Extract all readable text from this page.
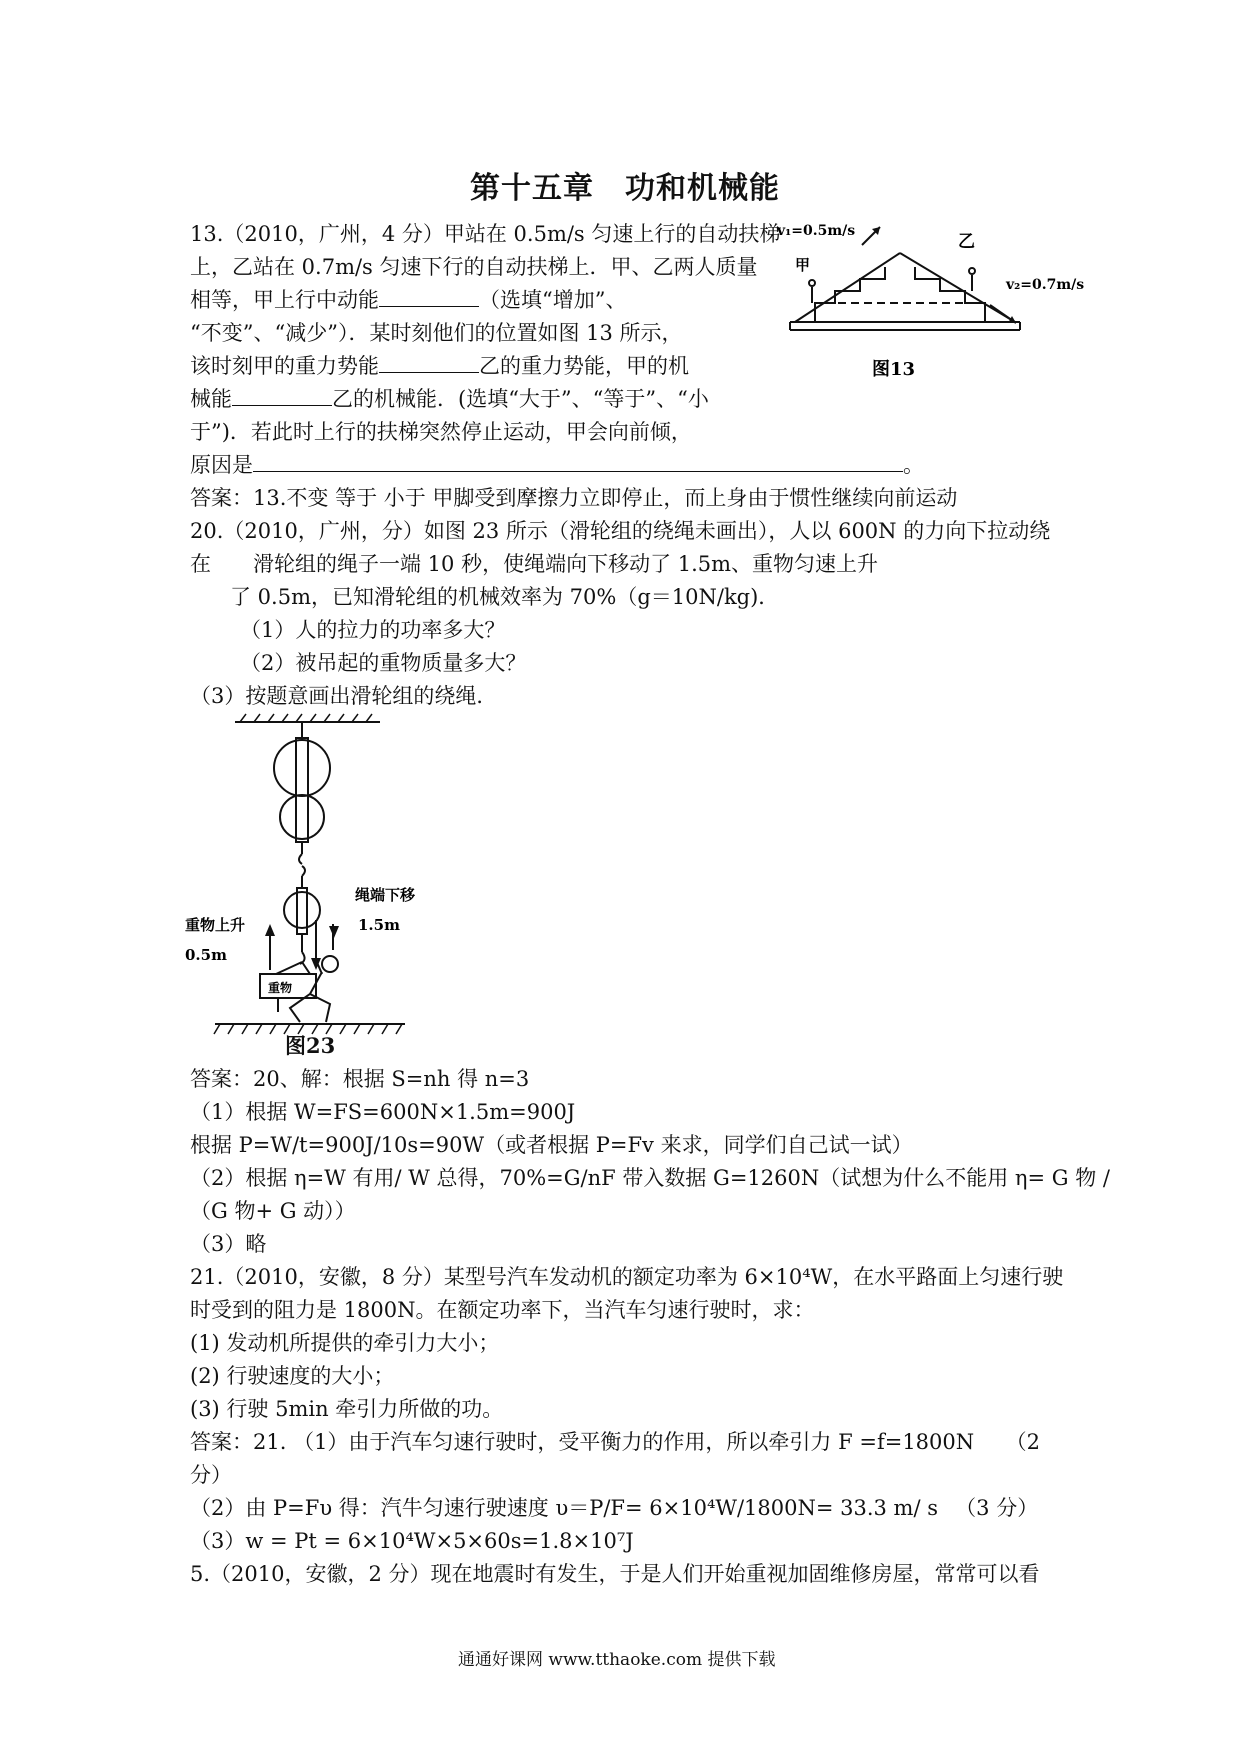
第十五章　功和机械能

13.（2010，广州，4 分）甲站在 0.5m/s 匀速上行的自动扶梯

上，乙站在 0.7m/s 匀速下行的自动扶梯上．甲、乙两人质量

相等，甲上行中动能	（选填“增加”、

“不变”、“减少”）．某时刻他们的位置如图 13 所示，

该时刻甲的重力势能	乙的重力势能，甲的机

械能	乙的机械能．(选填“大于”、“等于”、“小

于”)．若此时上行的扶梯突然停止运动，甲会向前倾，

原因是	。

答案：13.不变 等于 小于 甲脚受到摩擦力立即停止，而上身由于惯性继续向前运动

v₁=0.5m/s
甲
乙
v₂=0.7m/s
图13

20.（2010，广州，分）如图 23 所示（滑轮组的绕绳未画出），人以 600N 的力向下拉动绕

在　　滑轮组的绳子一端 10 秒，使绳端向下移动了 1.5m、重物匀速上升

了 0.5m，已知滑轮组的机械效率为 70%（g＝10N/kg)．

（1）人的拉力的功率多大？

（2）被吊起的重物质量多大？

（3）按题意画出滑轮组的绕绳．

重物上升
0.5m
绳端下移
1.5m
重物

图23

答案：20、解：根据 S=nh 得 n=3

（1）根据 W=FS=600N×1.5m=900J

根据 P=W/t=900J/10s=90W（或者根据 P=Fv 来求，同学们自己试一试）

（2）根据 η=W 有用/ W 总得，70%=G/nF 带入数据 G=1260N（试想为什么不能用 η= G 物 /

（G 物+ G 动））

（3）略

21.（2010，安徽，8 分）某型号汽车发动机的额定功率为 6×10⁴W，在水平路面上匀速行驶

时受到的阻力是 1800N。在额定功率下，当汽车匀速行驶时，求：

(1) 发动机所提供的牵引力大小；

(2) 行驶速度的大小；

(3) 行驶 5min 牵引力所做的功。

答案：21. （1）由于汽车匀速行驶时，受平衡力的作用，所以牵引力 F =f=1800N　　（2

分）

（2）由 P=Fυ 得：汽牛匀速行驶速度 υ＝P/F= 6×10⁴W/1800N= 33.3 m/ s 　（3 分）

（3）w = Pt = 6×10⁴W×5×60s=1.8×10⁷J

5.（2010，安徽，2 分）现在地震时有发生，于是人们开始重视加固维修房屋，常常可以看

通通好课网 www.tthaoke.com 提供下载
